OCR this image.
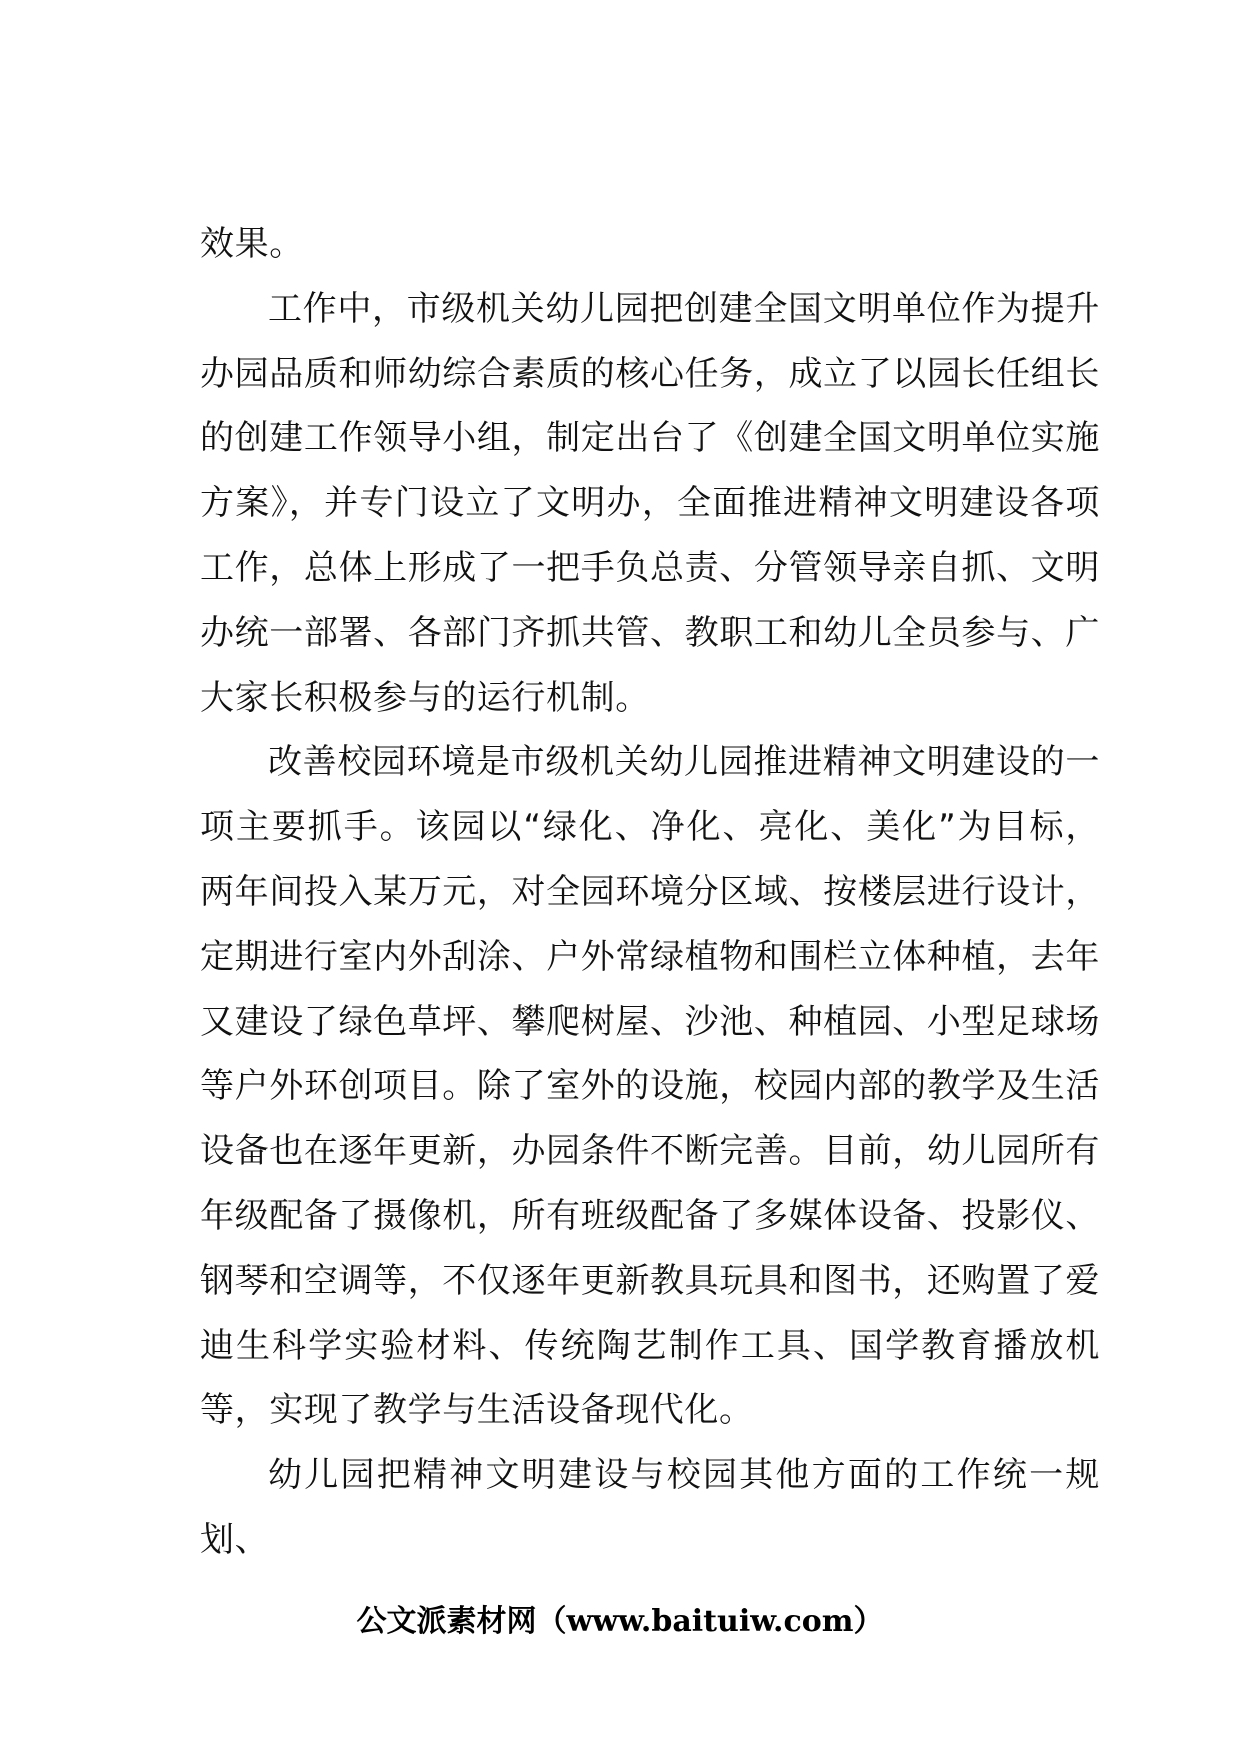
效果。

工作中，市级机关幼儿园把创建全国文明单位作为提升办园品质和师幼综合素质的核心任务，成立了以园长任组长的创建工作领导小组，制定出台了《创建全国文明单位实施方案》，并专门设立了文明办，全面推进精神文明建设各项工作，总体上形成了一把手负总责、分管领导亲自抓、文明办统一部署、各部门齐抓共管、教职工和幼儿全员参与、广大家长积极参与的运行机制。

改善校园环境是市级机关幼儿园推进精神文明建设的一项主要抓手。该园以“绿化、净化、亮化、美化”为目标，两年间投入某万元，对全园环境分区域、按楼层进行设计，定期进行室内外刮涂、户外常绿植物和围栏立体种植，去年又建设了绿色草坪、攀爬树屋、沙池、种植园、小型足球场等户外环创项目。除了室外的设施，校园内部的教学及生活设备也在逐年更新，办园条件不断完善。目前，幼儿园所有年级配备了摄像机，所有班级配备了多媒体设备、投影仪、钢琴和空调等，不仅逐年更新教具玩具和图书，还购置了爱迪生科学实验材料、传统陶艺制作工具、国学教育播放机等，实现了教学与生活设备现代化。

幼儿园把精神文明建设与校园其他方面的工作统一规划、

公文派素材网（www.baituiw.com）
